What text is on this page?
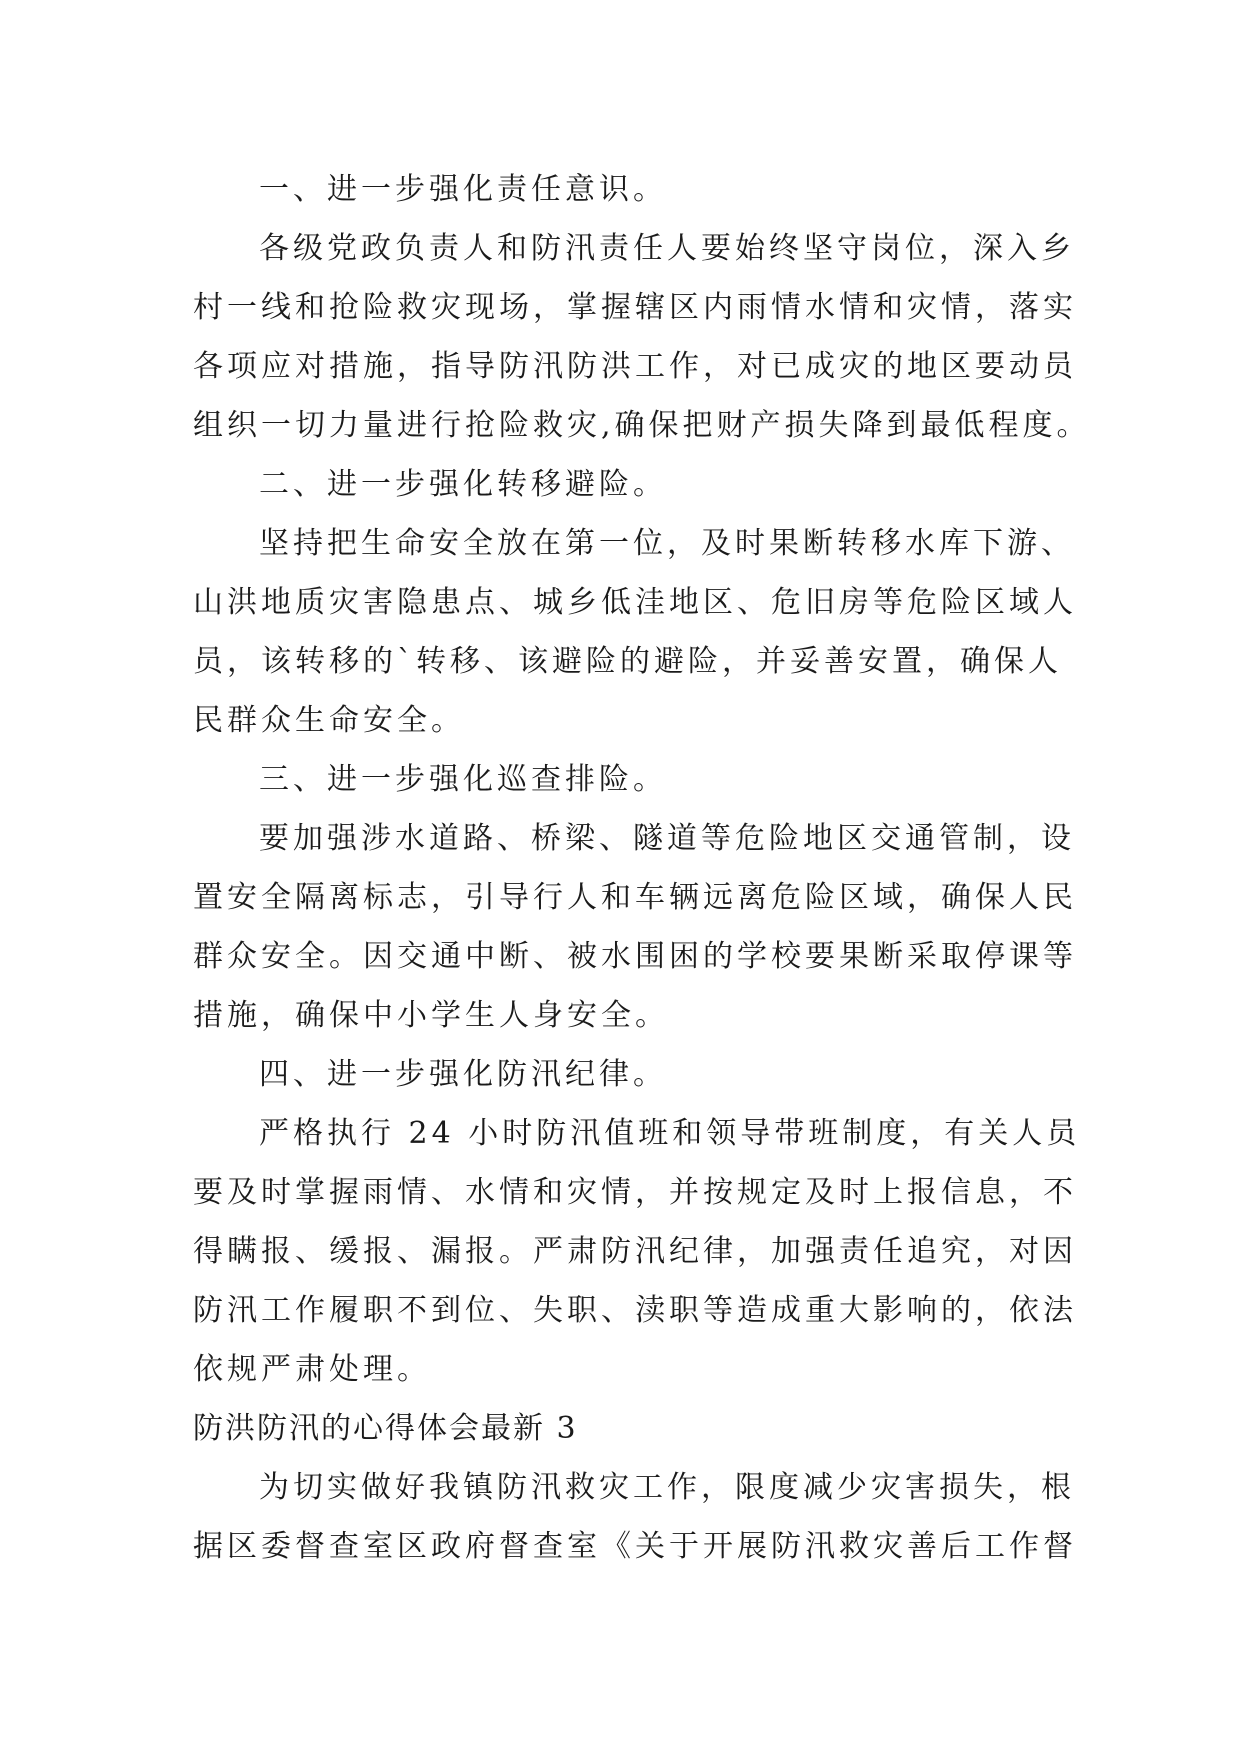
一、进一步强化责任意识。
各级党政负责人和防汛责任人要始终坚守岗位，深入乡
村一线和抢险救灾现场，掌握辖区内雨情水情和灾情，落实
各项应对措施，指导防汛防洪工作，对已成灾的地区要动员
组织一切力量进行抢险救灾,确保把财产损失降到最低程度。
二、进一步强化转移避险。
坚持把生命安全放在第一位，及时果断转移水库下游、
山洪地质灾害隐患点、城乡低洼地区、危旧房等危险区域人
员，该转移的`转移、该避险的避险，并妥善安置，确保人
民群众生命安全。
三、进一步强化巡查排险。
要加强涉水道路、桥梁、隧道等危险地区交通管制，设
置安全隔离标志，引导行人和车辆远离危险区域，确保人民
群众安全。因交通中断、被水围困的学校要果断采取停课等
措施，确保中小学生人身安全。
四、进一步强化防汛纪律。
严格执行 24 小时防汛值班和领导带班制度，有关人员
要及时掌握雨情、水情和灾情，并按规定及时上报信息，不
得瞒报、缓报、漏报。严肃防汛纪律，加强责任追究，对因
防汛工作履职不到位、失职、渎职等造成重大影响的，依法
依规严肃处理。
防洪防汛的心得体会最新 3
为切实做好我镇防汛救灾工作，限度减少灾害损失，根
据区委督查室区政府督查室《关于开展防汛救灾善后工作督
